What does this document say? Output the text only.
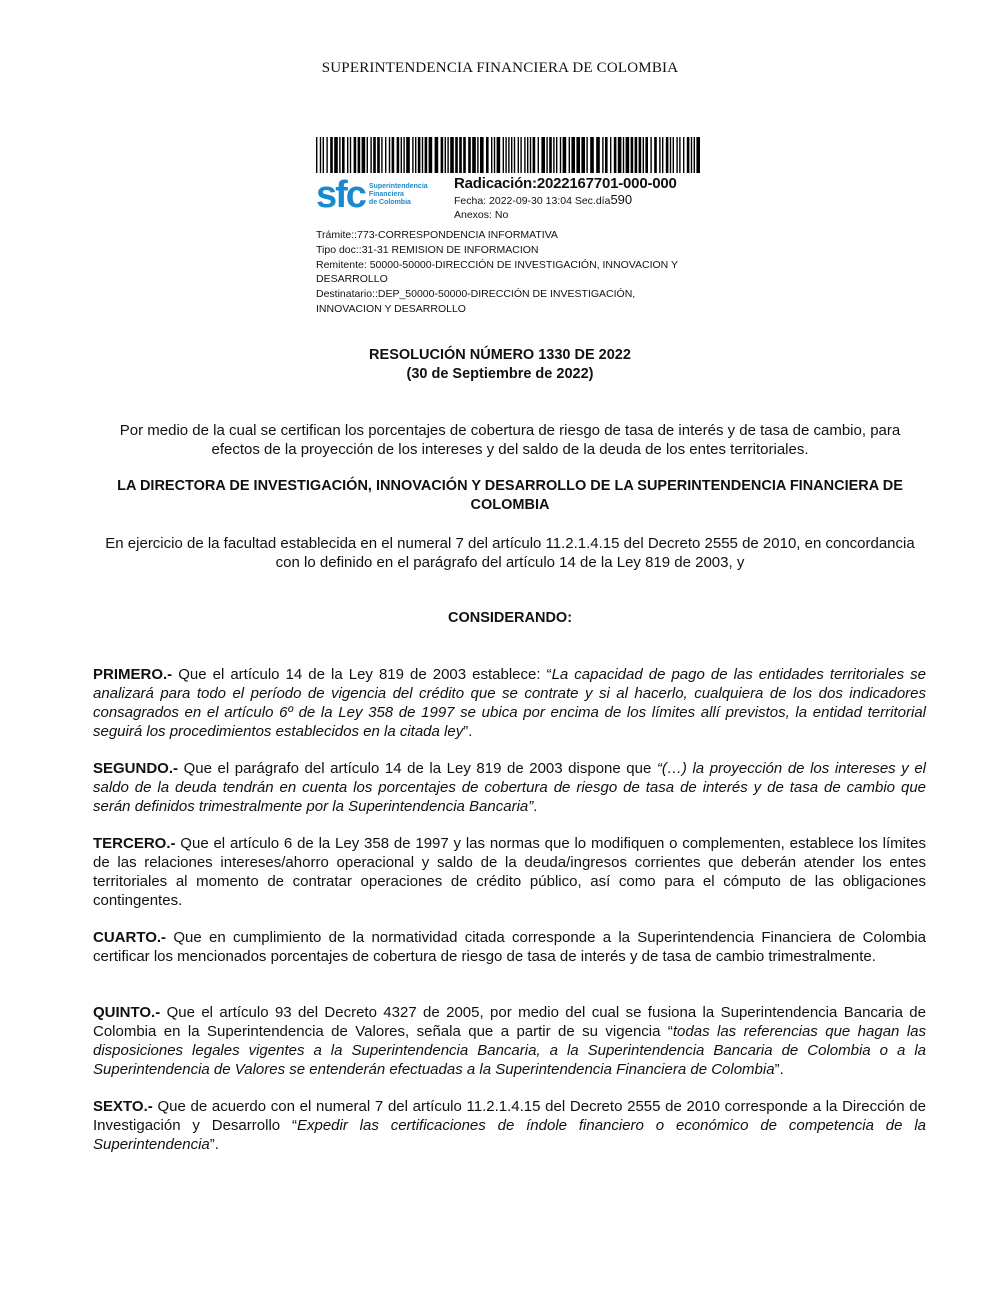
SUPERINTENDENCIA FINANCIERA DE COLOMBIA
sfc Superintendencia
Financiera
de Colombia
Radicación:2022167701-000-000
Fecha: 2022-09-30 13:04 Sec.día590
Anexos: No
Trámite::773-CORRESPONDENCIA INFORMATIVA
Tipo doc::31-31 REMISION DE INFORMACION
Remitente: 50000-50000-DIRECCIÓN DE INVESTIGACIÓN, INNOVACION Y DESARROLLO
Destinatario::DEP_50000-50000-DIRECCIÓN DE INVESTIGACIÓN, INNOVACION Y DESARROLLO
RESOLUCIÓN NÚMERO 1330 DE 2022
(30 de Septiembre de 2022)
Por medio de la cual se certifican los porcentajes de cobertura de riesgo de tasa de interés y de tasa de cambio, para efectos de la proyección de los intereses y del saldo de la deuda de los entes territoriales.
LA DIRECTORA DE INVESTIGACIÓN, INNOVACIÓN Y DESARROLLO DE LA SUPERINTENDENCIA FINANCIERA DE COLOMBIA
En ejercicio de la facultad establecida en el numeral 7 del artículo 11.2.1.4.15 del Decreto 2555 de 2010, en concordancia con lo definido en el parágrafo del artículo 14 de la Ley 819 de 2003, y
CONSIDERANDO:
PRIMERO.- Que el artículo 14 de la Ley 819 de 2003 establece: “La capacidad de pago de las entidades territoriales se analizará para todo el período de vigencia del crédito que se contrate y si al hacerlo, cualquiera de los dos indicadores consagrados en el artículo 6º de la Ley 358 de 1997 se ubica por encima de los límites allí previstos, la entidad territorial seguirá los procedimientos establecidos en la citada ley”.
SEGUNDO.- Que el parágrafo del artículo 14 de la Ley 819 de 2003 dispone que “(…) la proyección de los intereses y el saldo de la deuda tendrán en cuenta los porcentajes de cobertura de riesgo de tasa de interés y de tasa de cambio que serán definidos trimestralmente por la Superintendencia Bancaria”.
TERCERO.- Que el artículo 6 de la Ley 358 de 1997 y las normas que lo modifiquen o complementen, establece los límites de las relaciones intereses/ahorro operacional y saldo de la deuda/ingresos corrientes que deberán atender los entes territoriales al momento de contratar operaciones de crédito público, así como para el cómputo de las obligaciones contingentes.
CUARTO.- Que en cumplimiento de la normatividad citada corresponde a la Superintendencia Financiera de Colombia certificar los mencionados porcentajes de cobertura de riesgo de tasa de interés y de tasa de cambio trimestralmente.
QUINTO.- Que el artículo 93 del Decreto 4327 de 2005, por medio del cual se fusiona la Superintendencia Bancaria de Colombia en la Superintendencia de Valores, señala que a partir de su vigencia “todas las referencias que hagan las disposiciones legales vigentes a la Superintendencia Bancaria, a la Superintendencia Bancaria de Colombia o a la Superintendencia de Valores se entenderán efectuadas a la Superintendencia Financiera de Colombia”.
SEXTO.- Que de acuerdo con el numeral 7 del artículo 11.2.1.4.15 del Decreto 2555 de 2010 corresponde a la Dirección de Investigación y Desarrollo “Expedir las certificaciones de índole financiero o económico de competencia de la Superintendencia”.
